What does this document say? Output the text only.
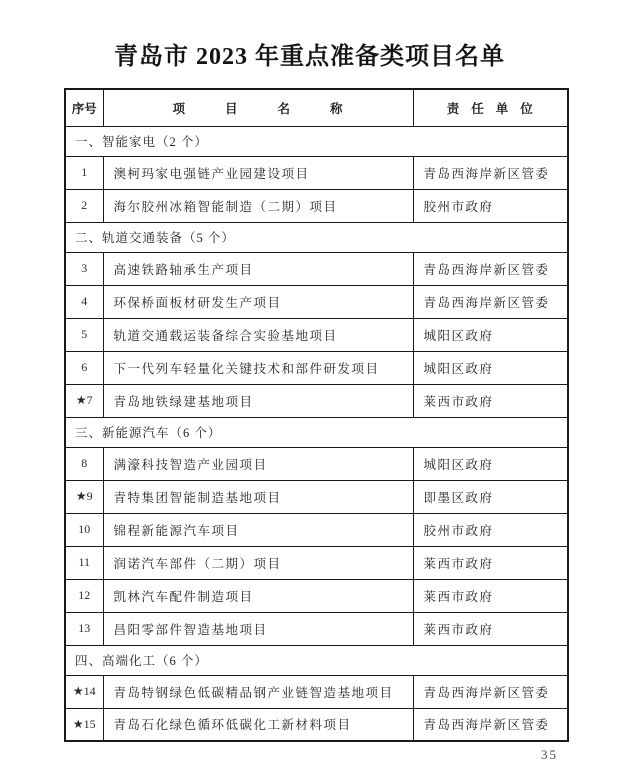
青岛市 2023 年重点准备类项目名单
序号	项目名称	责任单位
一、智能家电（2 个）		
1	澳柯玛家电强链产业园建设项目	青岛西海岸新区管委
2	海尔胶州冰箱智能制造（二期）项目	胶州市政府
二、轨道交通装备（5 个）		
3	高速铁路轴承生产项目	青岛西海岸新区管委
4	环保桥面板材研发生产项目	青岛西海岸新区管委
5	轨道交通载运装备综合实验基地项目	城阳区政府
6	下一代列车轻量化关键技术和部件研发项目	城阳区政府
★7	青岛地铁绿建基地项目	莱西市政府
三、新能源汽车（6 个）		
8	满濠科技智造产业园项目	城阳区政府
★9	青特集团智能制造基地项目	即墨区政府
10	锦程新能源汽车项目	胶州市政府
11	润诺汽车部件（二期）项目	莱西市政府
12	凯林汽车配件制造项目	莱西市政府
13	昌阳零部件智造基地项目	莱西市政府
四、高端化工（6 个）		
★14	青岛特钢绿色低碳精品钢产业链智造基地项目	青岛西海岸新区管委
★15	青岛石化绿色循环低碳化工新材料项目	青岛西海岸新区管委
35
